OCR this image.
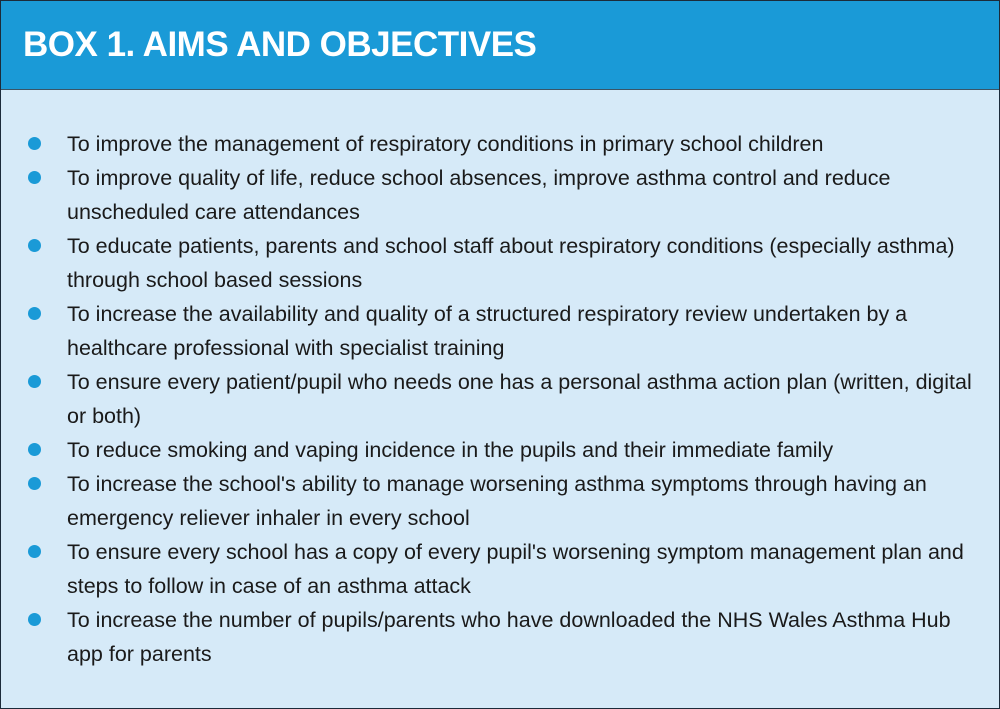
BOX 1. AIMS AND OBJECTIVES
To improve the management of respiratory conditions in primary school children
To improve quality of life, reduce school absences, improve asthma control and reduce unscheduled care attendances
To educate patients, parents and school staff about respiratory conditions (especially asthma) through school based sessions
To increase the availability and quality of a structured respiratory review undertaken by a healthcare professional with specialist training
To ensure every patient/pupil who needs one has a personal asthma action plan (written, digital or both)
To reduce smoking and vaping incidence in the pupils and their immediate family
To increase the school's ability to manage worsening asthma symptoms through having an emergency reliever inhaler in every school
To ensure every school has a copy of every pupil's worsening symptom management plan and steps to follow in case of an asthma attack
To increase the number of pupils/parents who have downloaded the NHS Wales Asthma Hub app for parents
